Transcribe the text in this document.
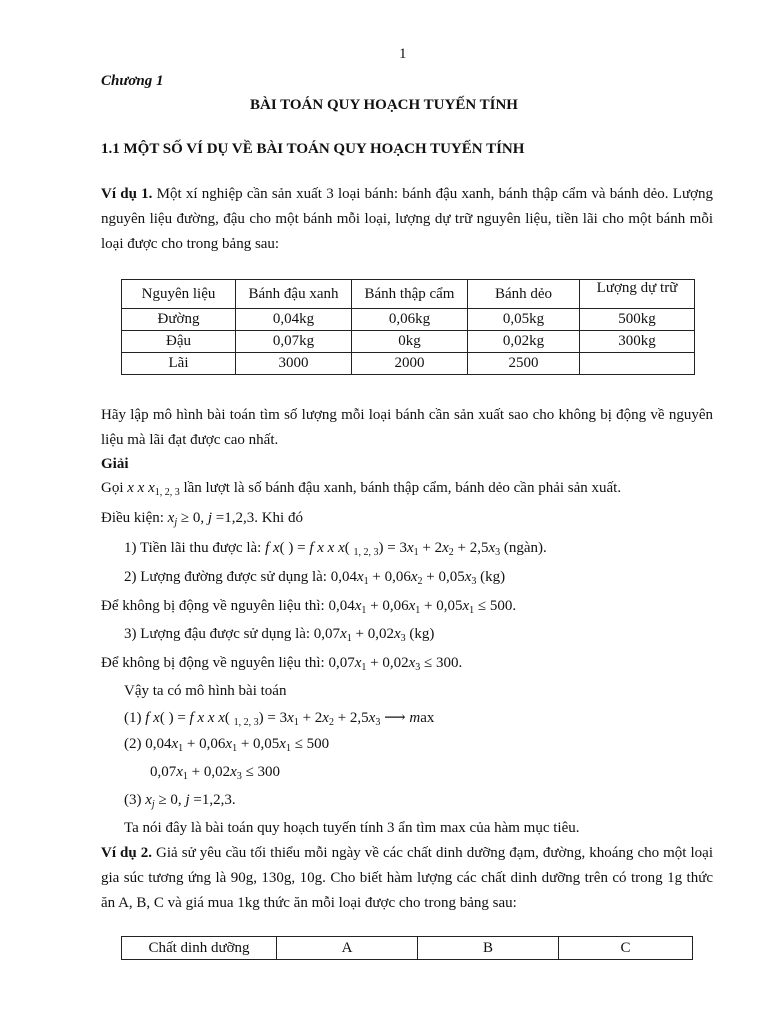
1
Chương 1
BÀI TOÁN QUY HOẠCH TUYẾN TÍNH
1.1 MỘT SỐ VÍ DỤ VỀ BÀI TOÁN QUY HOẠCH TUYẾN TÍNH
Ví dụ 1. Một xí nghiệp cần sản xuất 3 loại bánh: bánh đậu xanh, bánh thập cẩm và bánh dẻo. Lượng nguyên liệu đường, đậu cho một bánh mỗi loại, lượng dự trữ nguyên liệu, tiền lãi cho một bánh mỗi loại được cho trong bảng sau:
Nguyên liệu	Bánh đậu xanh	Bánh thập cẩm	Bánh dẻo	Lượng dự trữ
Đường	0,04kg	0,06kg	0,05kg	500kg
Đậu	0,07kg	0kg	0,02kg	300kg
Lãi	3000	2000	2500	
Hãy lập mô hình bài toán tìm số lượng mỗi loại bánh cần sản xuất sao cho không bị động về nguyên liệu mà lãi đạt được cao nhất.
Giải
Gọi x x $x_{1, 2, 3}$ lần lượt là số bánh đậu xanh, bánh thập cẩm, bánh dẻo cần phải sản xuất.
Điều kiện: $x_j \ge 0$, j =1,2,3. Khi đó
1) Tiền lãi thu được là: f x( ) = f x x x( $_{1, 2, 3}) = 3x_1 + 2x_2 + 2,5x_3$ (ngàn).
2) Lượng đường được sử dụng là: $0,04x_1 + 0,06x_2 + 0,05x_3$ (kg)
Để không bị động về nguyên liệu thì: $0,04x_1 + 0,06x_1 + 0,05x_1 \le 500$.
3) Lượng đậu được sử dụng là: $0,07x_1 + 0,02x_3$ (kg)
Để không bị động về nguyên liệu thì: $0,07x_1 + 0,02x_3 \le 300$.
Vậy ta có mô hình bài toán
(1) f x( ) = f x x x( $_{1, 2, 3}) = 3x_1 + 2x_2 + 2,5x_3$ ⟶ max
(2) $0,04x_1 + 0,06x_1 + 0,05x_1 \le 500$
$0,07x_1 + 0,02x_3 \le 300$
(3) $x_j \ge 0$, j =1,2,3.
Ta nói đây là bài toán quy hoạch tuyến tính 3 ẩn tìm max của hàm mục tiêu.
Ví dụ 2. Giả sử yêu cầu tối thiểu mỗi ngày về các chất dinh dưỡng đạm, đường, khoáng cho một loại gia súc tương ứng là 90g, 130g, 10g. Cho biết hàm lượng các chất dinh dưỡng trên có trong 1g thức ăn A, B, C và giá mua 1kg thức ăn mỗi loại được cho trong bảng sau:
Chất dinh dưỡng	A	B	C
